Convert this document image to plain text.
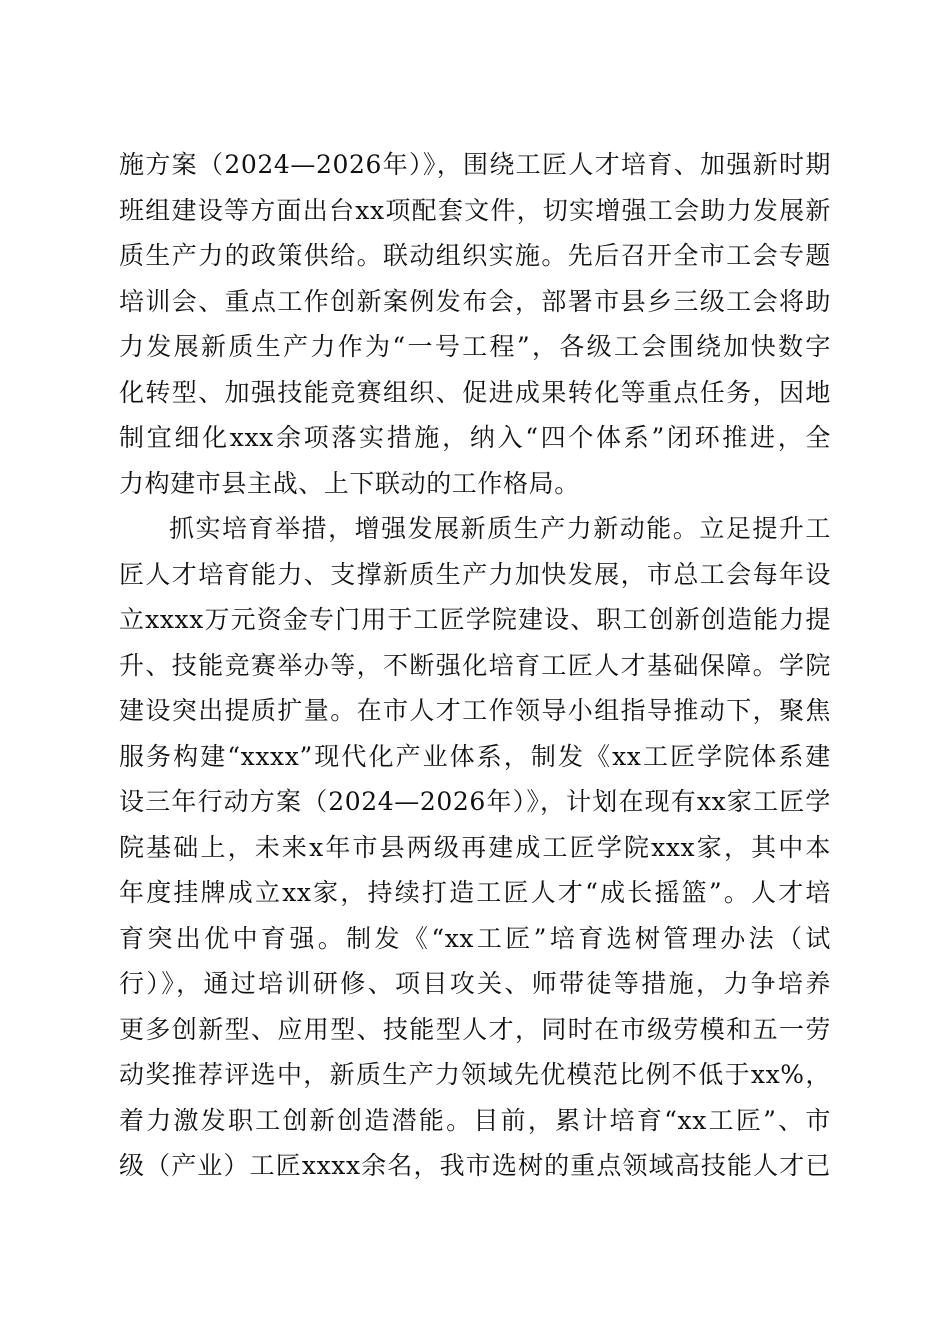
施方案（2024—2026年）》，围绕工匠人才培育、加强新时期
班组建设等方面出台xx项配套文件，切实增强工会助力发展新
质生产力的政策供给。联动组织实施。先后召开全市工会专题
培训会、重点工作创新案例发布会，部署市县乡三级工会将助
力发展新质生产力作为“一号工程”，各级工会围绕加快数字
化转型、加强技能竞赛组织、促进成果转化等重点任务，因地
制宜细化xxx余项落实措施，纳入“四个体系”闭环推进，全
力构建市县主战、上下联动的工作格局。
抓实培育举措，增强发展新质生产力新动能。立足提升工
匠人才培育能力、支撑新质生产力加快发展，市总工会每年设
立xxxx万元资金专门用于工匠学院建设、职工创新创造能力提
升、技能竞赛举办等，不断强化培育工匠人才基础保障。学院
建设突出提质扩量。在市人才工作领导小组指导推动下，聚焦
服务构建“xxxx”现代化产业体系，制发《xx工匠学院体系建
设三年行动方案（2024—2026年）》，计划在现有xx家工匠学
院基础上，未来x年市县两级再建成工匠学院xxx家，其中本
年度挂牌成立xx家，持续打造工匠人才“成长摇篮”。人才培
育突出优中育强。制发《“xx工匠”培育选树管理办法（试
行）》，通过培训研修、项目攻关、师带徒等措施，力争培养
更多创新型、应用型、技能型人才，同时在市级劳模和五一劳
动奖推荐评选中，新质生产力领域先优模范比例不低于xx%，
着力激发职工创新创造潜能。目前，累计培育“xx工匠”、市
级（产业）工匠xxxx余名，我市选树的重点领域高技能人才已
